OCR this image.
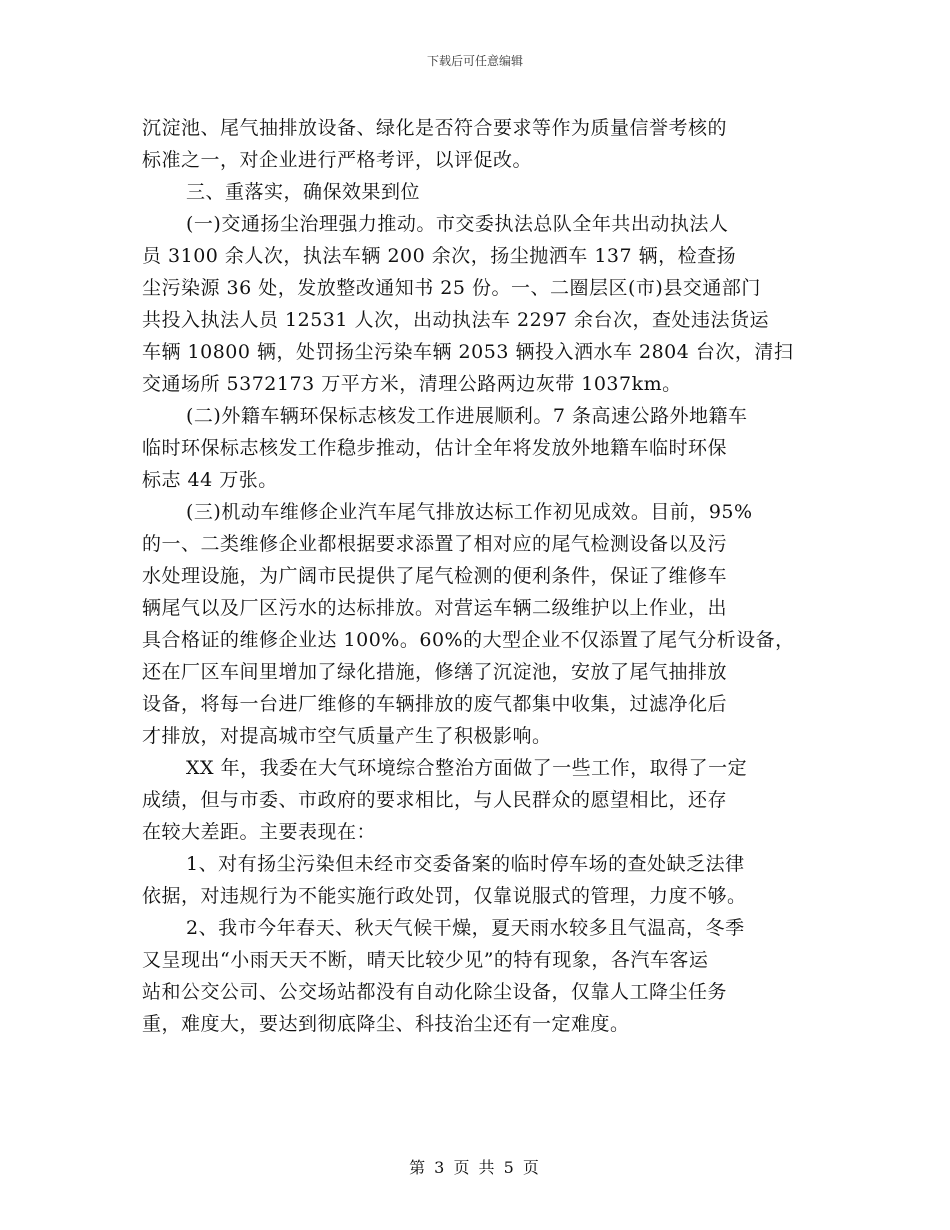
下载后可任意编辑
沉淀池、尾气抽排放设备、绿化是否符合要求等作为质量信誉考核的
标准之一，对企业进行严格考评，以评促改。
三、重落实，确保效果到位
(一)交通扬尘治理强力推动。市交委执法总队全年共出动执法人
员 3100 余人次，执法车辆 200 余次，扬尘抛洒车 137 辆，检查扬
尘污染源 36 处，发放整改通知书 25 份。一、二圈层区(市)县交通部门
共投入执法人员 12531 人次，出动执法车 2297 余台次，查处违法货运
车辆 10800 辆，处罚扬尘污染车辆 2053 辆投入洒水车 2804 台次，清扫
交通场所 5372173 万平方米，清理公路两边灰带 1037km。
(二)外籍车辆环保标志核发工作进展顺利。7 条高速公路外地籍车
临时环保标志核发工作稳步推动，估计全年将发放外地籍车临时环保
标志 44 万张。
(三)机动车维修企业汽车尾气排放达标工作初见成效。目前，95%
的一、二类维修企业都根据要求添置了相对应的尾气检测设备以及污
水处理设施，为广阔市民提供了尾气检测的便利条件，保证了维修车
辆尾气以及厂区污水的达标排放。对营运车辆二级维护以上作业，出
具合格证的维修企业达 100%。60%的大型企业不仅添置了尾气分析设备，
还在厂区车间里增加了绿化措施，修缮了沉淀池，安放了尾气抽排放
设备，将每一台进厂维修的车辆排放的废气都集中收集，过滤净化后
才排放，对提高城市空气质量产生了积极影响。
XX 年，我委在大气环境综合整治方面做了一些工作，取得了一定
成绩，但与市委、市政府的要求相比，与人民群众的愿望相比，还存
在较大差距。主要表现在：
1、对有扬尘污染但未经市交委备案的临时停车场的查处缺乏法律
依据，对违规行为不能实施行政处罚，仅靠说服式的管理，力度不够。
2、我市今年春天、秋天气候干燥，夏天雨水较多且气温高，冬季
又呈现出“小雨天天不断，晴天比较少见”的特有现象，各汽车客运
站和公交公司、公交场站都没有自动化除尘设备，仅靠人工降尘任务
重，难度大，要达到彻底降尘、科技治尘还有一定难度。
第 3 页 共 5 页
